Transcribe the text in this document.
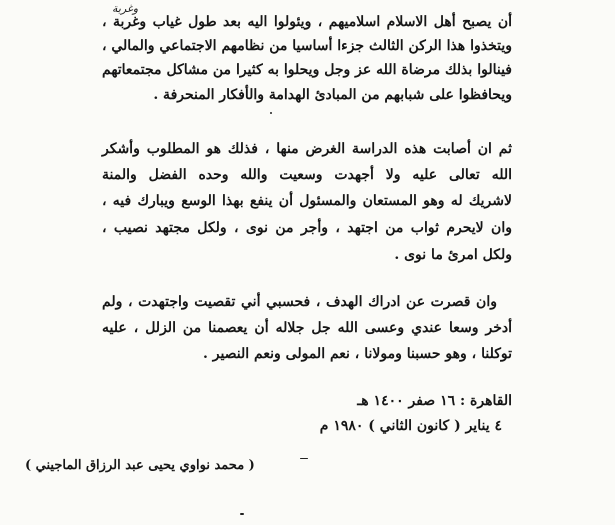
وغربة
أن يصبح أهل الاسلام اسلاميهم ، ويئولوا اليه بعد طول غياب وغربة ،
ويتخذوا هذا الركن الثالث جزءا أساسيا من نظامهم الاجتماعي والمالي ،
فينالوا بذلك مرضاة الله عز وجل ويحلوا به كثيرا من مشاكل مجتمعاتهم
ويحافظوا على شبابهم من المبادئ الهدامة والأفكار المنحرفة .
ثم ان أصابت هذه الدراسة الغرض منها ، فذلك هو المطلوب وأشكر
الله تعالى عليه ولا أجهدت وسعيت والله وحده الفضل والمنة
لاشريك له وهو المستعان والمسئول أن ينفع بهذا الوسع ويبارك فيه ،
وان لايحرم ثواب من اجتهد ، وأجر من نوى ، ولكل مجتهد نصيب ،
ولكل امرئ ما نوى .
وان قصرت عن ادراك الهدف ، فحسبي أني تقصيت واجتهدت ، ولم
أدخر وسعا عندي وعسى الله جل جلاله أن يعصمنا من الزلل ، عليه
توكلنا ، وهو حسبنا ومولانا ، نعم المولى ونعم النصير .
القاهرة : ١٦ صفر ١٤٠٠ هـ
٤ يناير ( كانون الثاني ) ١٩٨٠ م
( محمد نواوي يحيى عبد الرزاق الماجيني )
